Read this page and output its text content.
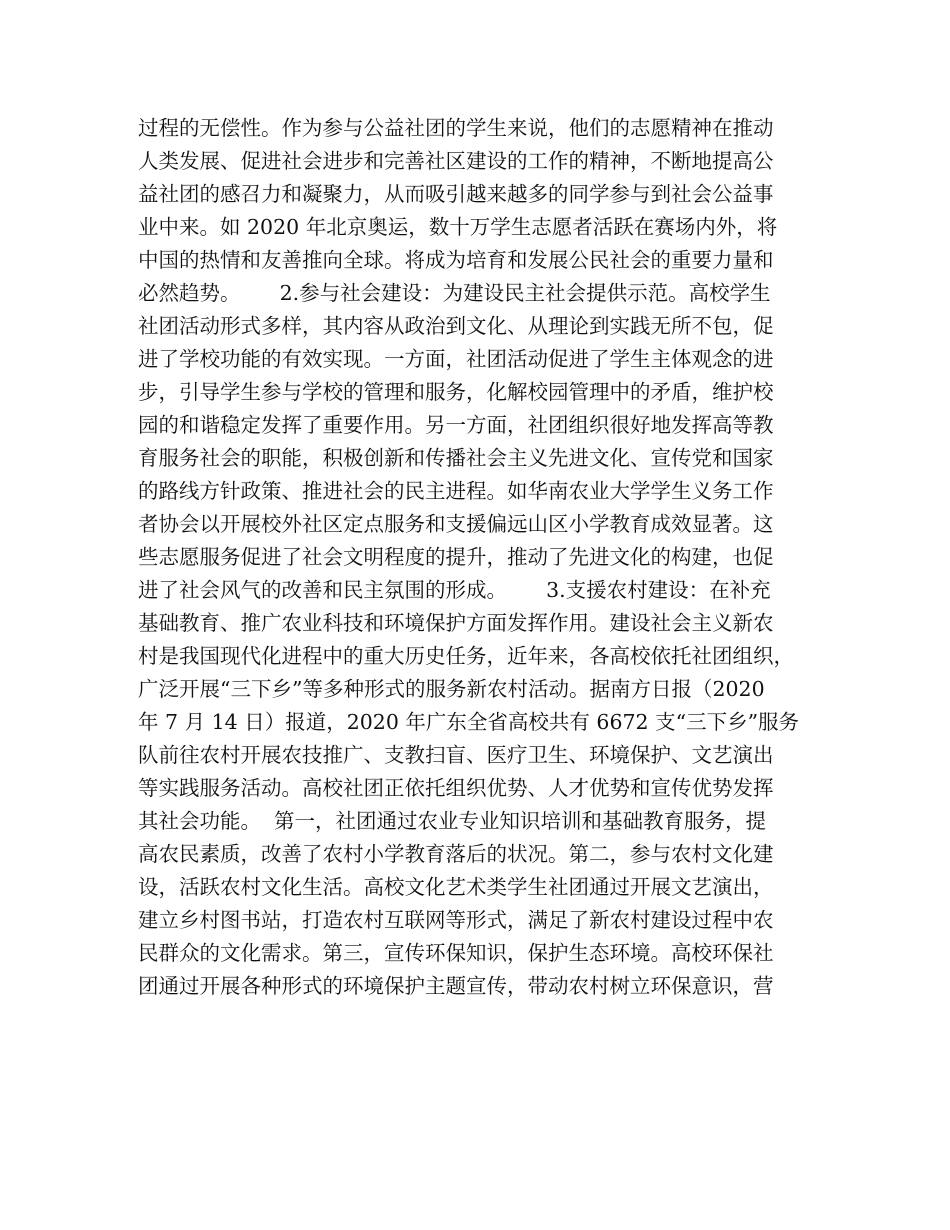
过程的无偿性。作为参与公益社团的学生来说，他们的志愿精神在推动
人类发展、促进社会进步和完善社区建设的工作的精神，不断地提高公
益社团的感召力和凝聚力，从而吸引越来越多的同学参与到社会公益事
业中来。如 2020 年北京奥运，数十万学生志愿者活跃在赛场内外，将
中国的热情和友善推向全球。将成为培育和发展公民社会的重要力量和
必然趋势。      2.参与社会建设：为建设民主社会提供示范。高校学生
社团活动形式多样，其内容从政治到文化、从理论到实践无所不包，促
进了学校功能的有效实现。一方面，社团活动促进了学生主体观念的进
步，引导学生参与学校的管理和服务，化解校园管理中的矛盾，维护校
园的和谐稳定发挥了重要作用。另一方面，社团组织很好地发挥高等教
育服务社会的职能，积极创新和传播社会主义先进文化、宣传党和国家
的路线方针政策、推进社会的民主进程。如华南农业大学学生义务工作
者协会以开展校外社区定点服务和支援偏远山区小学教育成效显著。这
些志愿服务促进了社会文明程度的提升，推动了先进文化的构建，也促
进了社会风气的改善和民主氛围的形成。      3.支援农村建设：在补充
基础教育、推广农业科技和环境保护方面发挥作用。建设社会主义新农
村是我国现代化进程中的重大历史任务，近年来，各高校依托社团组织，
广泛开展“三下乡”等多种形式的服务新农村活动。据南方日报（2020
年 7 月 14 日）报道，2020 年广东全省高校共有 6672 支“三下乡”服务
队前往农村开展农技推广、支教扫盲、医疗卫生、环境保护、文艺演出
等实践服务活动。高校社团正依托组织优势、人才优势和宣传优势发挥
其社会功能。  第一，社团通过农业专业知识培训和基础教育服务，提
高农民素质，改善了农村小学教育落后的状况。第二，参与农村文化建
设，活跃农村文化生活。高校文化艺术类学生社团通过开展文艺演出，
建立乡村图书站，打造农村互联网等形式，满足了新农村建设过程中农
民群众的文化需求。第三，宣传环保知识，保护生态环境。高校环保社
团通过开展各种形式的环境保护主题宣传，带动农村树立环保意识，营
